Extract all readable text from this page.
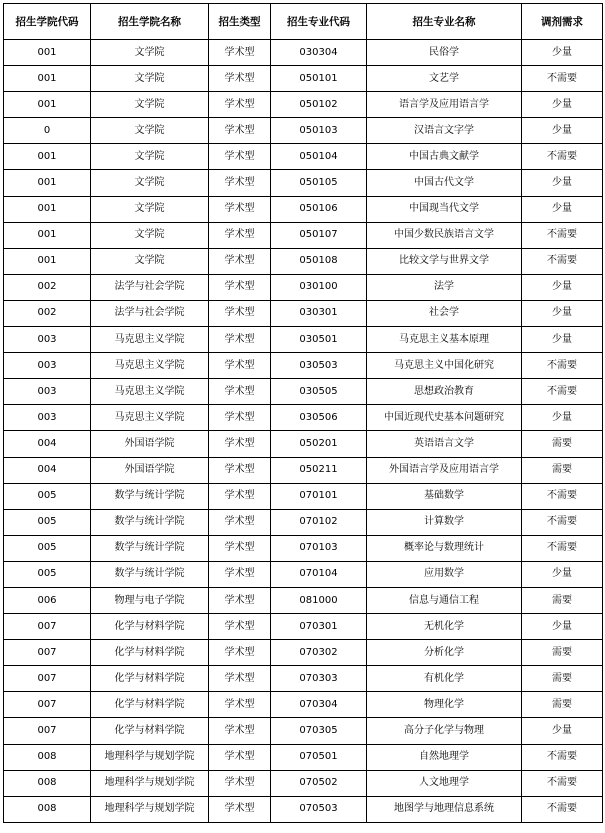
招生学院代码	招生学院名称	招生类型	招生专业代码	招生专业名称	调剂需求
001	文学院	学术型	030304	民俗学	少量
001	文学院	学术型	050101	文艺学	不需要
001	文学院	学术型	050102	语言学及应用语言学	少量
0	文学院	学术型	050103	汉语言文字学	少量
001	文学院	学术型	050104	中国古典文献学	不需要
001	文学院	学术型	050105	中国古代文学	少量
001	文学院	学术型	050106	中国现当代文学	少量
001	文学院	学术型	050107	中国少数民族语言文学	不需要
001	文学院	学术型	050108	比较文学与世界文学	不需要
002	法学与社会学院	学术型	030100	法学	少量
002	法学与社会学院	学术型	030301	社会学	少量
003	马克思主义学院	学术型	030501	马克思主义基本原理	少量
003	马克思主义学院	学术型	030503	马克思主义中国化研究	不需要
003	马克思主义学院	学术型	030505	思想政治教育	不需要
003	马克思主义学院	学术型	030506	中国近现代史基本问题研究	少量
004	外国语学院	学术型	050201	英语语言文学	需要
004	外国语学院	学术型	050211	外国语言学及应用语言学	需要
005	数学与统计学院	学术型	070101	基础数学	不需要
005	数学与统计学院	学术型	070102	计算数学	不需要
005	数学与统计学院	学术型	070103	概率论与数理统计	不需要
005	数学与统计学院	学术型	070104	应用数学	少量
006	物理与电子学院	学术型	081000	信息与通信工程	需要
007	化学与材料学院	学术型	070301	无机化学	少量
007	化学与材料学院	学术型	070302	分析化学	需要
007	化学与材料学院	学术型	070303	有机化学	需要
007	化学与材料学院	学术型	070304	物理化学	需要
007	化学与材料学院	学术型	070305	高分子化学与物理	少量
008	地理科学与规划学院	学术型	070501	自然地理学	不需要
008	地理科学与规划学院	学术型	070502	人文地理学	不需要
008	地理科学与规划学院	学术型	070503	地图学与地理信息系统	不需要
